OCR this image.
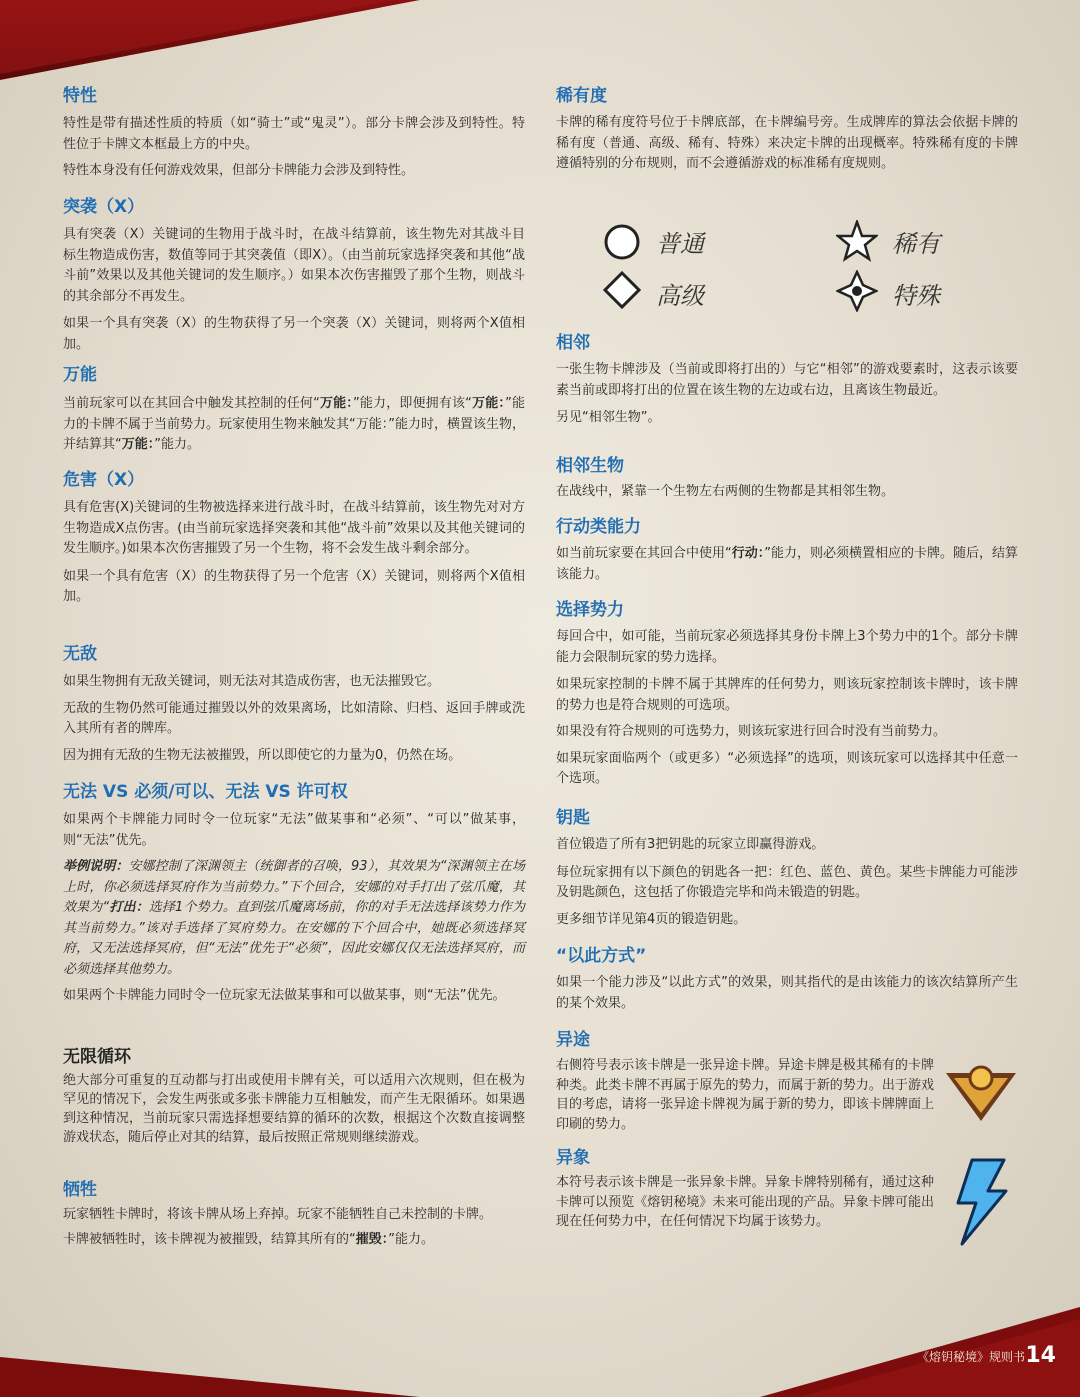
特性

特性是带有描述性质的特质（如“骑士”或“鬼灵”）。部分卡牌会涉及到特性。特性位于卡牌文本框最上方的中央。

特性本身没有任何游戏效果，但部分卡牌能力会涉及到特性。

突袭（X）

具有突袭（X）关键词的生物用于战斗时，在战斗结算前，该生物先对其战斗目标生物造成伤害，数值等同于其突袭值（即X）。（由当前玩家选择突袭和其他“战斗前”效果以及其他关键词的发生顺序。）如果本次伤害摧毁了那个生物，则战斗的其余部分不再发生。

如果一个具有突袭（X）的生物获得了另一个突袭（X）关键词，则将两个X值相加。

万能

当前玩家可以在其回合中触发其控制的任何“万能：”能力，即便拥有该“万能：”能力的卡牌不属于当前势力。玩家使用生物来触发其“万能：”能力时，横置该生物，并结算其“万能：”能力。

危害（X）

具有危害(X)关键词的生物被选择来进行战斗时，在战斗结算前，该生物先对对方生物造成X点伤害。(由当前玩家选择突袭和其他“战斗前”效果以及其他关键词的发生顺序。)如果本次伤害摧毁了另一个生物，将不会发生战斗剩余部分。

如果一个具有危害（X）的生物获得了另一个危害（X）关键词，则将两个X值相加。

无敌

如果生物拥有无敌关键词，则无法对其造成伤害，也无法摧毁它。

无敌的生物仍然可能通过摧毁以外的效果离场，比如清除、归档、返回手牌或洗入其所有者的牌库。

因为拥有无敌的生物无法被摧毁，所以即使它的力量为0，仍然在场。

无法 VS 必须/可以、无法 VS 许可权

如果两个卡牌能力同时令一位玩家“无法”做某事和“必须”、“可以”做某事，则“无法”优先。

举例说明：安娜控制了深渊领主（统御者的召唤，93），其效果为“深渊领主在场上时，你必须选择冥府作为当前势力。”下个回合，安娜的对手打出了弦爪魔，其效果为“打出：选择1个势力。直到弦爪魔离场前，你的对手无法选择该势力作为其当前势力。”该对手选择了冥府势力。在安娜的下个回合中，她既必须选择冥府，又无法选择冥府，但“无法”优先于“必须”，因此安娜仅仅无法选择冥府，而必须选择其他势力。

如果两个卡牌能力同时令一位玩家无法做某事和可以做某事，则“无法”优先。

无限循环

绝大部分可重复的互动都与打出或使用卡牌有关，可以适用六次规则，但在极为罕见的情况下，会发生两张或多张卡牌能力互相触发，而产生无限循环。如果遇到这种情况，当前玩家只需选择想要结算的循环的次数，根据这个次数直接调整游戏状态，随后停止对其的结算，最后按照正常规则继续游戏。

牺牲

玩家牺牲卡牌时，将该卡牌从场上弃掉。玩家不能牺牲自己未控制的卡牌。

卡牌被牺牲时，该卡牌视为被摧毁，结算其所有的“摧毁：”能力。

稀有度

卡牌的稀有度符号位于卡牌底部，在卡牌编号旁。生成牌库的算法会依据卡牌的稀有度（普通、高级、稀有、特殊）来决定卡牌的出现概率。特殊稀有度的卡牌遵循特别的分布规则，而不会遵循游戏的标准稀有度规则。

普通
高级
稀有
特殊
相邻

一张生物卡牌涉及（当前或即将打出的）与它“相邻”的游戏要素时，这表示该要素当前或即将打出的位置在该生物的左边或右边，且离该生物最近。

另见“相邻生物”。

相邻生物

在战线中，紧靠一个生物左右两侧的生物都是其相邻生物。

行动类能力

如当前玩家要在其回合中使用“行动：”能力，则必须横置相应的卡牌。随后，结算该能力。

选择势力

每回合中，如可能，当前玩家必须选择其身份卡牌上3个势力中的1个。部分卡牌能力会限制玩家的势力选择。

如果玩家控制的卡牌不属于其牌库的任何势力，则该玩家控制该卡牌时，该卡牌的势力也是符合规则的可选项。

如果没有符合规则的可选势力，则该玩家进行回合时没有当前势力。

如果玩家面临两个（或更多）“必须选择”的选项，则该玩家可以选择其中任意一个选项。

钥匙

首位锻造了所有3把钥匙的玩家立即赢得游戏。

每位玩家拥有以下颜色的钥匙各一把：红色、蓝色、黄色。某些卡牌能力可能涉及钥匙颜色，这包括了你锻造完毕和尚未锻造的钥匙。

更多细节详见第4页的锻造钥匙。

“以此方式”

如果一个能力涉及“以此方式”的效果，则其指代的是由该能力的该次结算所产生的某个效果。

异途

右侧符号表示该卡牌是一张异途卡牌。异途卡牌是极其稀有的卡牌种类。此类卡牌不再属于原先的势力，而属于新的势力。出于游戏目的考虑，请将一张异途卡牌视为属于新的势力，即该卡牌牌面上印刷的势力。

异象

本符号表示该卡牌是一张异象卡牌。异象卡牌特别稀有，通过这种卡牌可以预览《熔钥秘境》未来可能出现的产品。异象卡牌可能出现在任何势力中，在任何情况下均属于该势力。

《熔钥秘境》规则书 14
